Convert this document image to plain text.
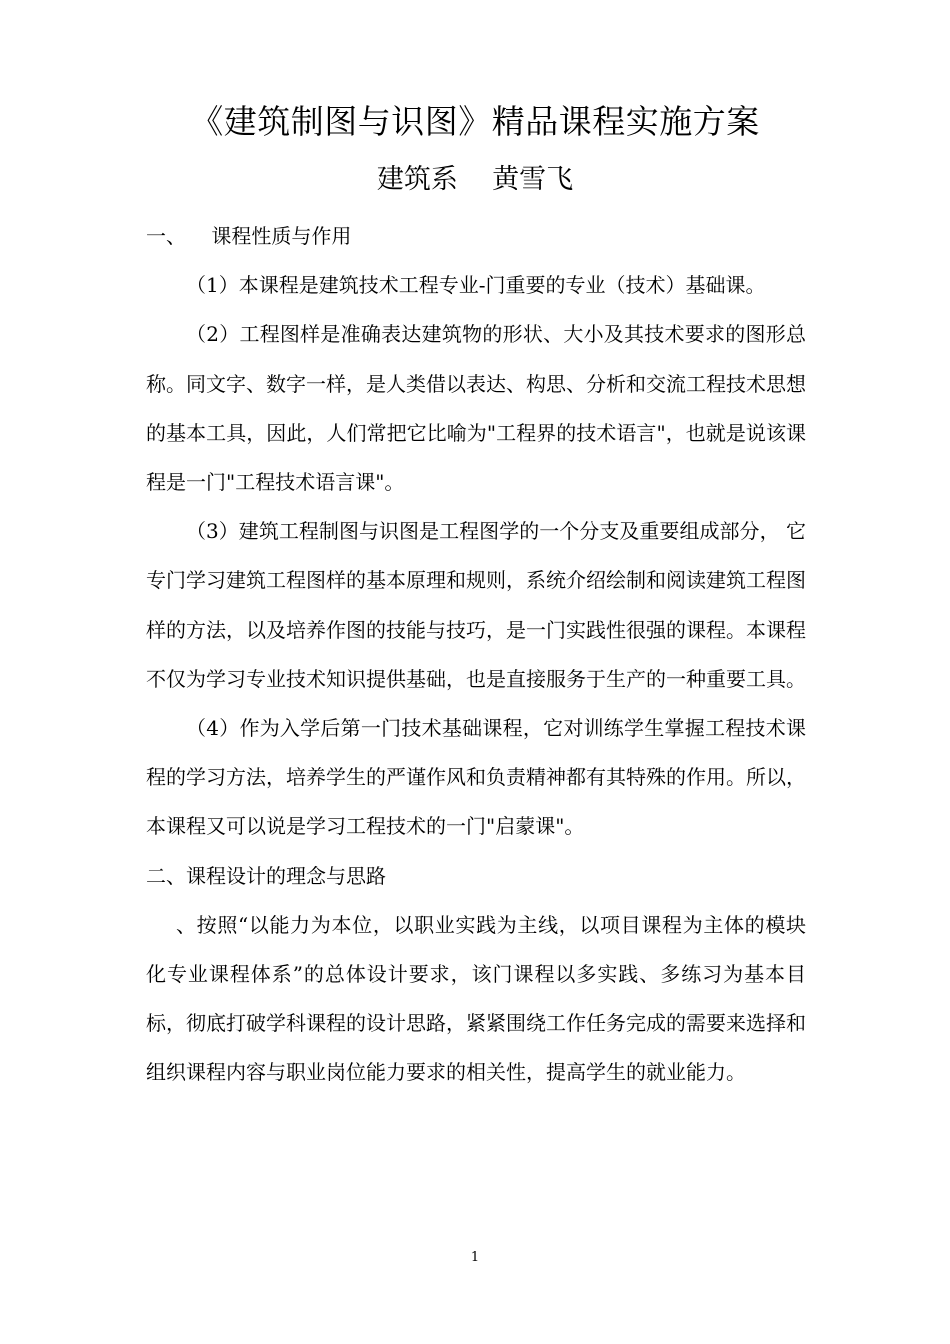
《建筑制图与识图》精品课程实施方案
建筑系    黄雪飞

一、    课程性质与作用

（1）本课程是建筑技术工程专业-门重要的专业（技术）基础课。

（2）工程图样是准确表达建筑物的形状、大小及其技术要求的图形总称。同文字、数字一样，是人类借以表达、构思、分析和交流工程技术思想的基本工具，因此，人们常把它比喻为"工程界的技术语言"，也就是说该课程是一门"工程技术语言课"。

（3）建筑工程制图与识图是工程图学的一个分支及重要组成部分， 它专门学习建筑工程图样的基本原理和规则，系统介绍绘制和阅读建筑工程图样的方法，以及培养作图的技能与技巧，是一门实践性很强的课程。本课程不仅为学习专业技术知识提供基础，也是直接服务于生产的一种重要工具。

（4）作为入学后第一门技术基础课程，它对训练学生掌握工程技术课程的学习方法，培养学生的严谨作风和负责精神都有其特殊的作用。所以，本课程又可以说是学习工程技术的一门"启蒙课"。

二、课程设计的理念与思路

、按照“以能力为本位，以职业实践为主线，以项目课程为主体的模块化专业课程体系”的总体设计要求，该门课程以多实践、多练习为基本目标，彻底打破学科课程的设计思路，紧紧围绕工作任务完成的需要来选择和组织课程内容与职业岗位能力要求的相关性，提高学生的就业能力。

1
